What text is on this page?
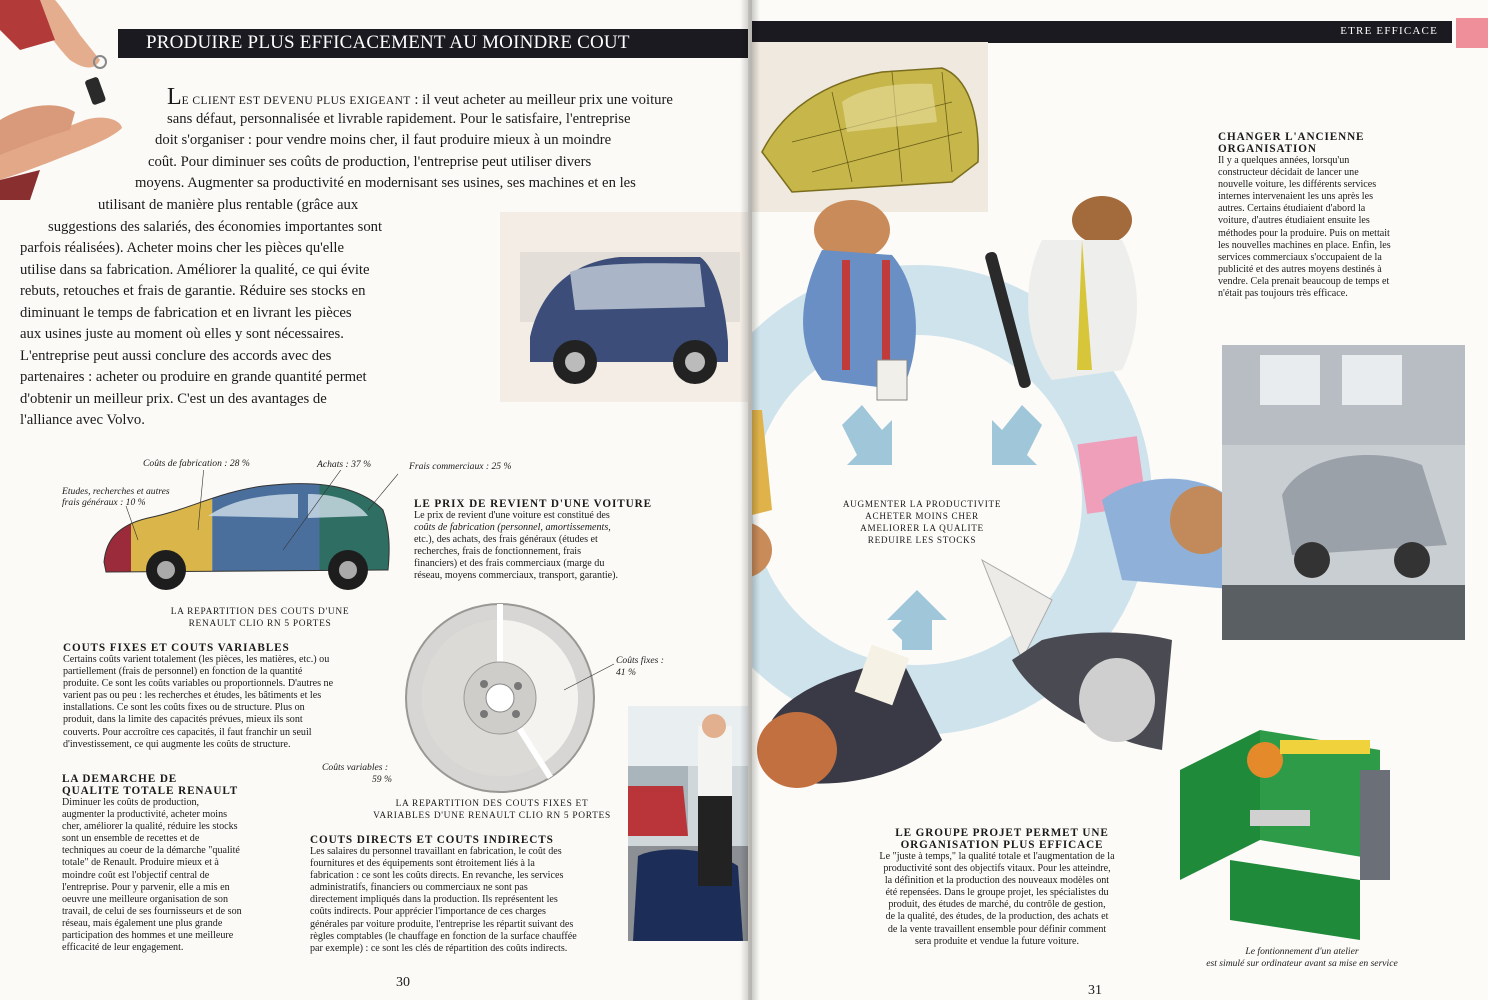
PRODUIRE PLUS EFFICACEMENT AU MOINDRE COUT
LE CLIENT EST DEVENU PLUS EXIGEANT : il veut acheter au meilleur prix une voiture
sans défaut, personnalisée et livrable rapidement. Pour le satisfaire, l'entreprise
doit s'organiser : pour vendre moins cher, il faut produire mieux à un moindre
coût. Pour diminuer ses coûts de production, l'entreprise peut utiliser divers
moyens. Augmenter sa productivité en modernisant ses usines, ses machines et en les
utilisant de manière plus rentable (grâce aux
suggestions des salariés, des économies importantes sont
parfois réalisées). Acheter moins cher les pièces qu'elle
utilise dans sa fabrication. Améliorer la qualité, ce qui évite
rebuts, retouches et frais de garantie. Réduire ses stocks en
diminuant le temps de fabrication et en livrant les pièces
aux usines juste au moment où elles y sont nécessaires.
L'entreprise peut aussi conclure des accords avec des
partenaires : acheter ou produire en grande quantité permet
d'obtenir un meilleur prix. C'est un des avantages de
l'alliance avec Volvo.
Coûts de fabrication : 28 %	Achats : 37 %	Frais commerciaux : 25 %
Etudes, recherches et autres
frais généraux : 10 %
LA REPARTITION DES COUTS D'UNE
RENAULT CLIO RN 5 PORTES
LE PRIX DE REVIENT D'UNE VOITURE
Le prix de revient d'une voiture est constitué des
coûts de fabrication (personnel, amortissements,
etc.), des achats, des frais généraux (études et
recherches, frais de fonctionnement, frais
financiers) et des frais commerciaux (marge du
réseau, moyens commerciaux, transport, garantie).
COUTS FIXES ET COUTS VARIABLES
Certains coûts varient totalement (les pièces, les matières, etc.) ou
partiellement (frais de personnel) en fonction de la quantité
produite. Ce sont les coûts variables ou proportionnels. D'autres ne
varient pas ou peu : les recherches et études, les bâtiments et les
installations. Ce sont les coûts fixes ou de structure. Plus on
produit, dans la limite des capacités prévues, mieux ils sont
couverts. Pour accroître ces capacités, il faut franchir un seuil
d'investissement, ce qui augmente les coûts de structure.
Coûts fixes :
41 %
Coûts variables :
59 %
LA REPARTITION DES COUTS FIXES ET
VARIABLES D'UNE RENAULT CLIO RN 5 PORTES
LA DEMARCHE DE
QUALITE TOTALE RENAULT
Diminuer les coûts de production,
augmenter la productivité, acheter moins
cher, améliorer la qualité, réduire les stocks
sont un ensemble de recettes et de
techniques au coeur de la démarche "qualité
totale" de Renault. Produire mieux et à
moindre coût est l'objectif central de
l'entreprise. Pour y parvenir, elle a mis en
oeuvre une meilleure organisation de son
travail, de celui de ses fournisseurs et de son
réseau, mais également une plus grande
participation des hommes et une meilleure
efficacité de leur engagement.
COUTS DIRECTS ET COUTS INDIRECTS
Les salaires du personnel travaillant en fabrication, le coût des
fournitures et des équipements sont étroitement liés à la
fabrication : ce sont les coûts directs. En revanche, les services
administratifs, financiers ou commerciaux ne sont pas
directement impliqués dans la production. Ils représentent les
coûts indirects. Pour apprécier l'importance de ces charges
générales par voiture produite, l'entreprise les répartit suivant des
règles comptables (le chauffage en fonction de la surface chauffée
par exemple) : ce sont les clés de répartition des coûts indirects.
30
ETRE EFFICACE
AUGMENTER LA PRODUCTIVITE
ACHETER MOINS CHER
AMELIORER LA QUALITE
REDUIRE LES STOCKS
CHANGER L'ANCIENNE
ORGANISATION
Il y a quelques années, lorsqu'un
constructeur décidait de lancer une
nouvelle voiture, les différents services
internes intervenaient les uns après les
autres. Certains étudiaient d'abord la
voiture, d'autres étudiaient ensuite les
méthodes pour la produire. Puis on mettait
les nouvelles machines en place. Enfin, les
services commerciaux s'occupaient de la
publicité et des autres moyens destinés à
vendre. Cela prenait beaucoup de temps et
n'était pas toujours très efficace.
LE GROUPE PROJET PERMET UNE
ORGANISATION PLUS EFFICACE
Le "juste à temps," la qualité totale et l'augmentation de la
productivité sont des objectifs vitaux. Pour les atteindre,
la définition et la production des nouveaux modèles ont
été repensées. Dans le groupe projet, les spécialistes du
produit, des études de marché, du contrôle de gestion,
de la qualité, des études, de la production, des achats et
de la vente travaillent ensemble pour définir comment
sera produite et vendue la future voiture.
Le fontionnement d'un atelier
est simulé sur ordinateur avant sa mise en service
31
